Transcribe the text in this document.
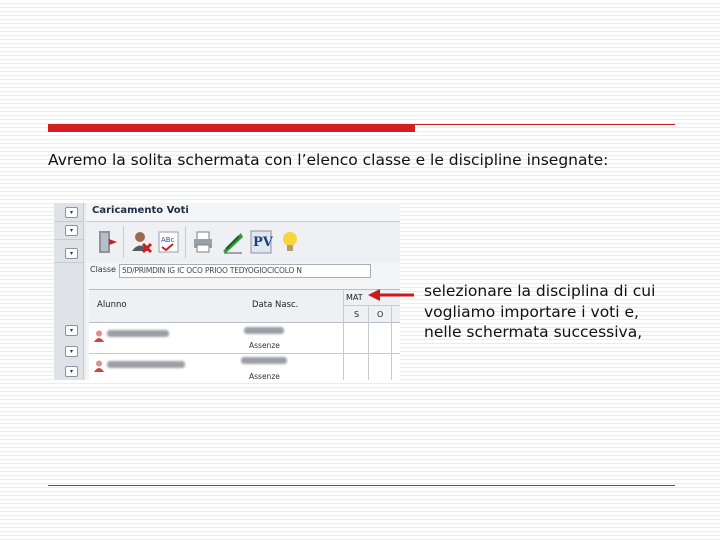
Avremo la solita schermata con l’elenco classe e le discipline insegnate:
▾
▾
▾
▾
▾
▾
Caricamento Voti
ABc	PV
Classe 5D/PRIMDIN IG IC OCO PRIOO TEDYOGIOCICOLO N
Alunno	Data Nasc.
MAT
S O
Assenze
Assenze
selezionare la disciplina di cui vogliamo importare i voti e, nelle schermata successiva,
